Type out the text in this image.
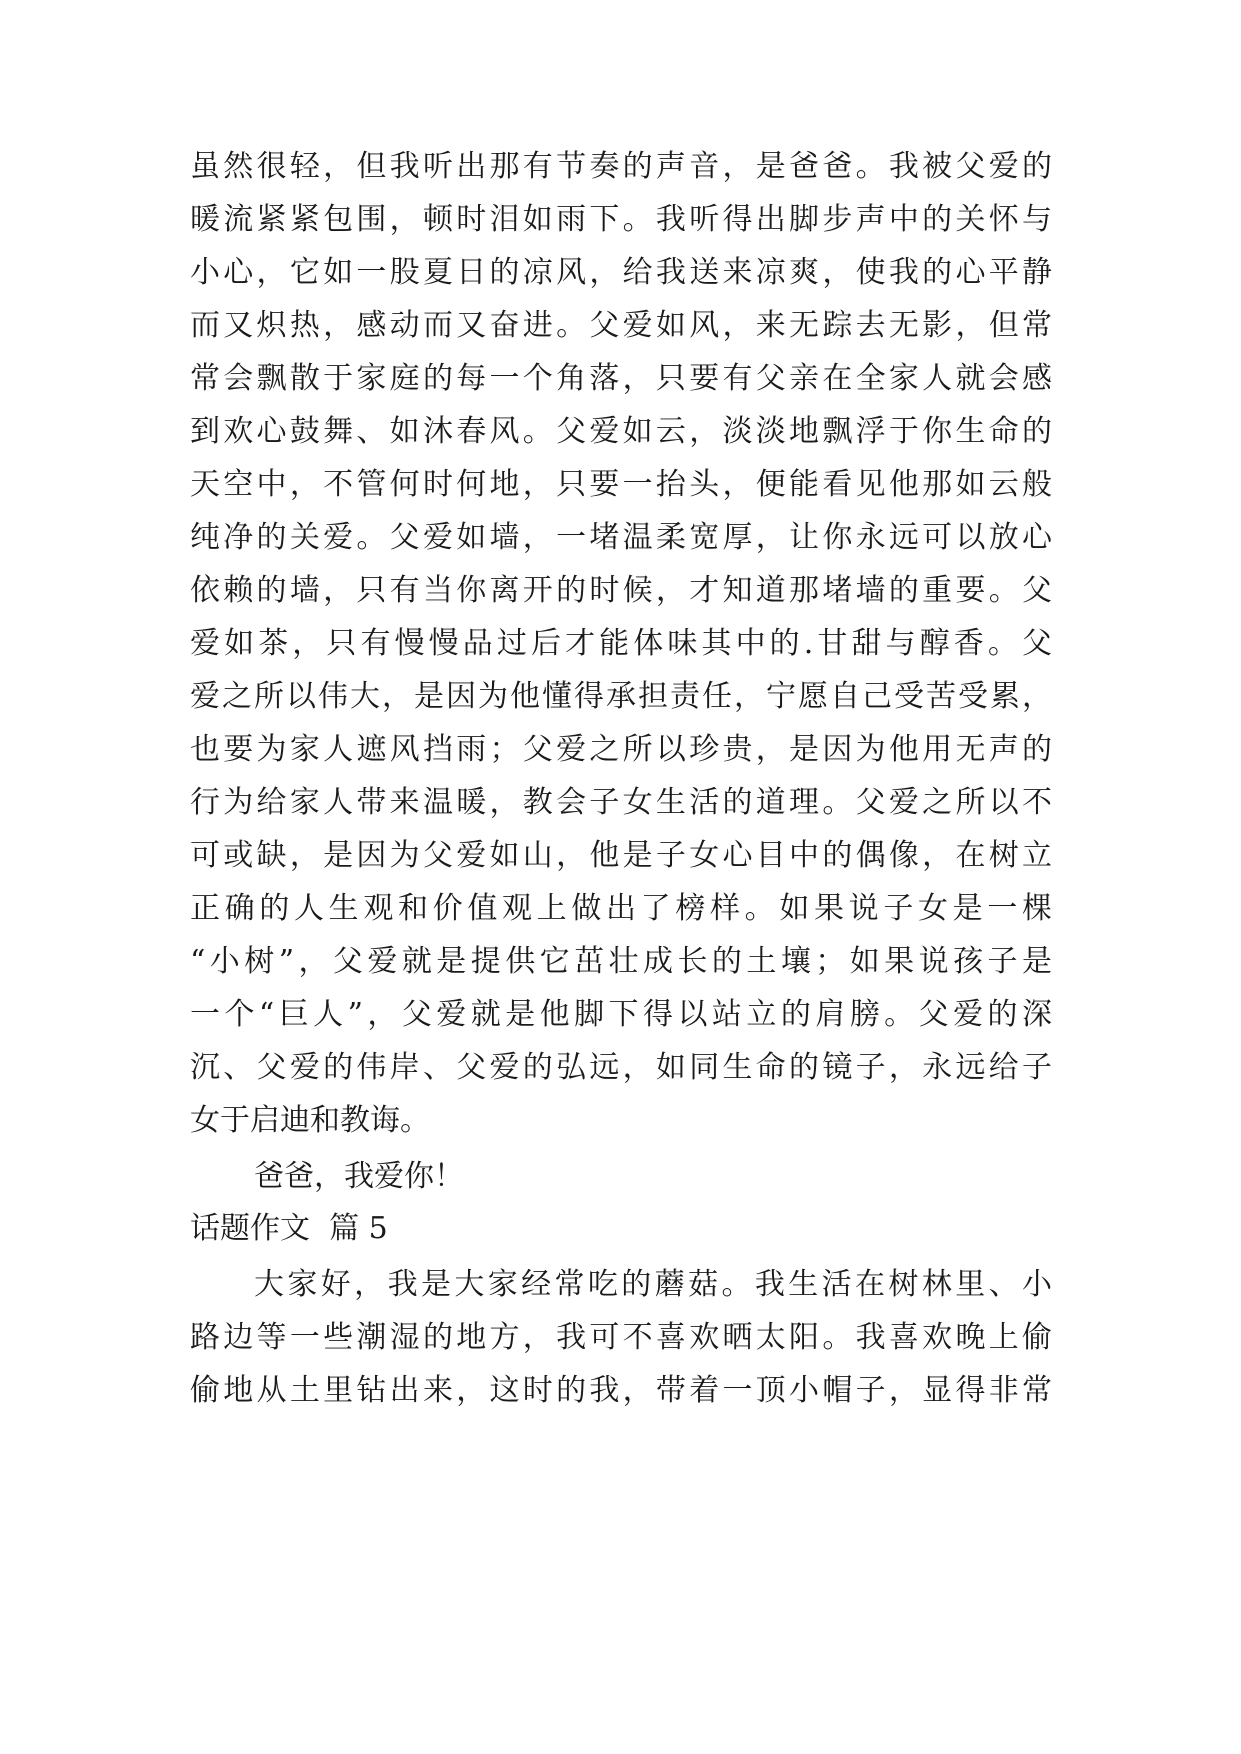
虽然很轻，但我听出那有节奏的声音，是爸爸。我被父爱的
暖流紧紧包围，顿时泪如雨下。我听得出脚步声中的关怀与
小心，它如一股夏日的凉风，给我送来凉爽，使我的心平静
而又炽热，感动而又奋进。父爱如风，来无踪去无影，但常
常会飘散于家庭的每一个角落，只要有父亲在全家人就会感
到欢心鼓舞、如沐春风。父爱如云，淡淡地飘浮于你生命的
天空中，不管何时何地，只要一抬头，便能看见他那如云般
纯净的关爱。父爱如墙，一堵温柔宽厚，让你永远可以放心
依赖的墙，只有当你离开的时候，才知道那堵墙的重要。父
爱如茶，只有慢慢品过后才能体味其中的.甘甜与醇香。父
爱之所以伟大，是因为他懂得承担责任，宁愿自己受苦受累，
也要为家人遮风挡雨；父爱之所以珍贵，是因为他用无声的
行为给家人带来温暖，教会子女生活的道理。父爱之所以不
可或缺，是因为父爱如山，他是子女心目中的偶像，在树立
正确的人生观和价值观上做出了榜样。如果说子女是一棵
“小树”，父爱就是提供它茁壮成长的土壤；如果说孩子是
一个“巨人”，父爱就是他脚下得以站立的肩膀。父爱的深
沉、父爱的伟岸、父爱的弘远，如同生命的镜子，永远给子
女于启迪和教诲。
爸爸，我爱你！
话题作文  篇 5
大家好，我是大家经常吃的蘑菇。我生活在树林里、小
路边等一些潮湿的地方，我可不喜欢晒太阳。我喜欢晚上偷
偷地从土里钻出来，这时的我，带着一顶小帽子，显得非常
